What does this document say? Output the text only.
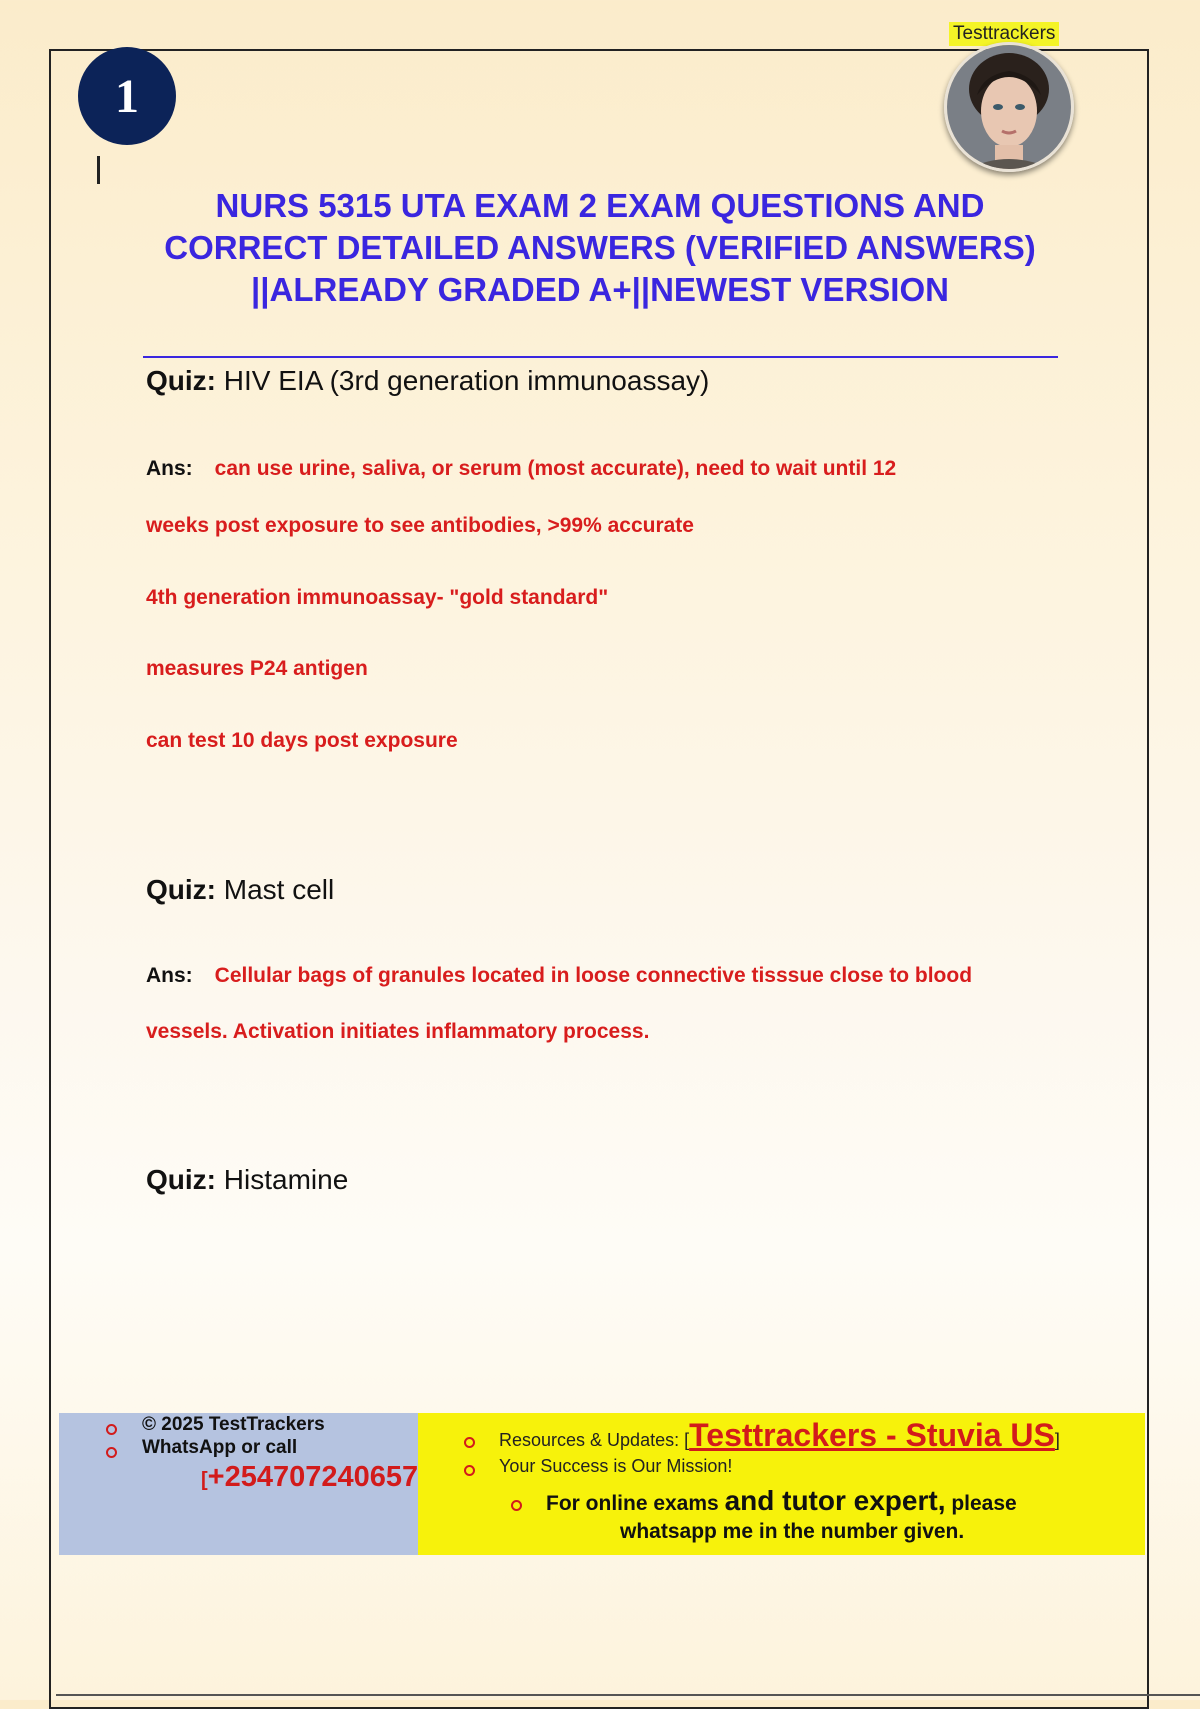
Testtrackers
1
NURS 5315 UTA EXAM 2 EXAM QUESTIONS AND CORRECT DETAILED ANSWERS (VERIFIED ANSWERS) ||ALREADY GRADED A+||NEWEST VERSION
Quiz: HIV EIA (3rd generation immunoassay)
Ans: can use urine, saliva, or serum (most accurate), need to wait until 12
weeks post exposure to see antibodies, >99% accurate
4th generation immunoassay- "gold standard"
measures P24 antigen
can test 10 days post exposure
Quiz: Mast cell
Ans: Cellular bags of granules located in loose connective tisssue close to blood
vessels. Activation initiates inflammatory process.
Quiz: Histamine
© 2025 TestTrackers
WhatsApp or call
[+254707240657
Resources & Updates: [Testtrackers - Stuvia US]
Your Success is Our Mission!
For online exams and tutor expert, please
whatsapp me in the number given.
